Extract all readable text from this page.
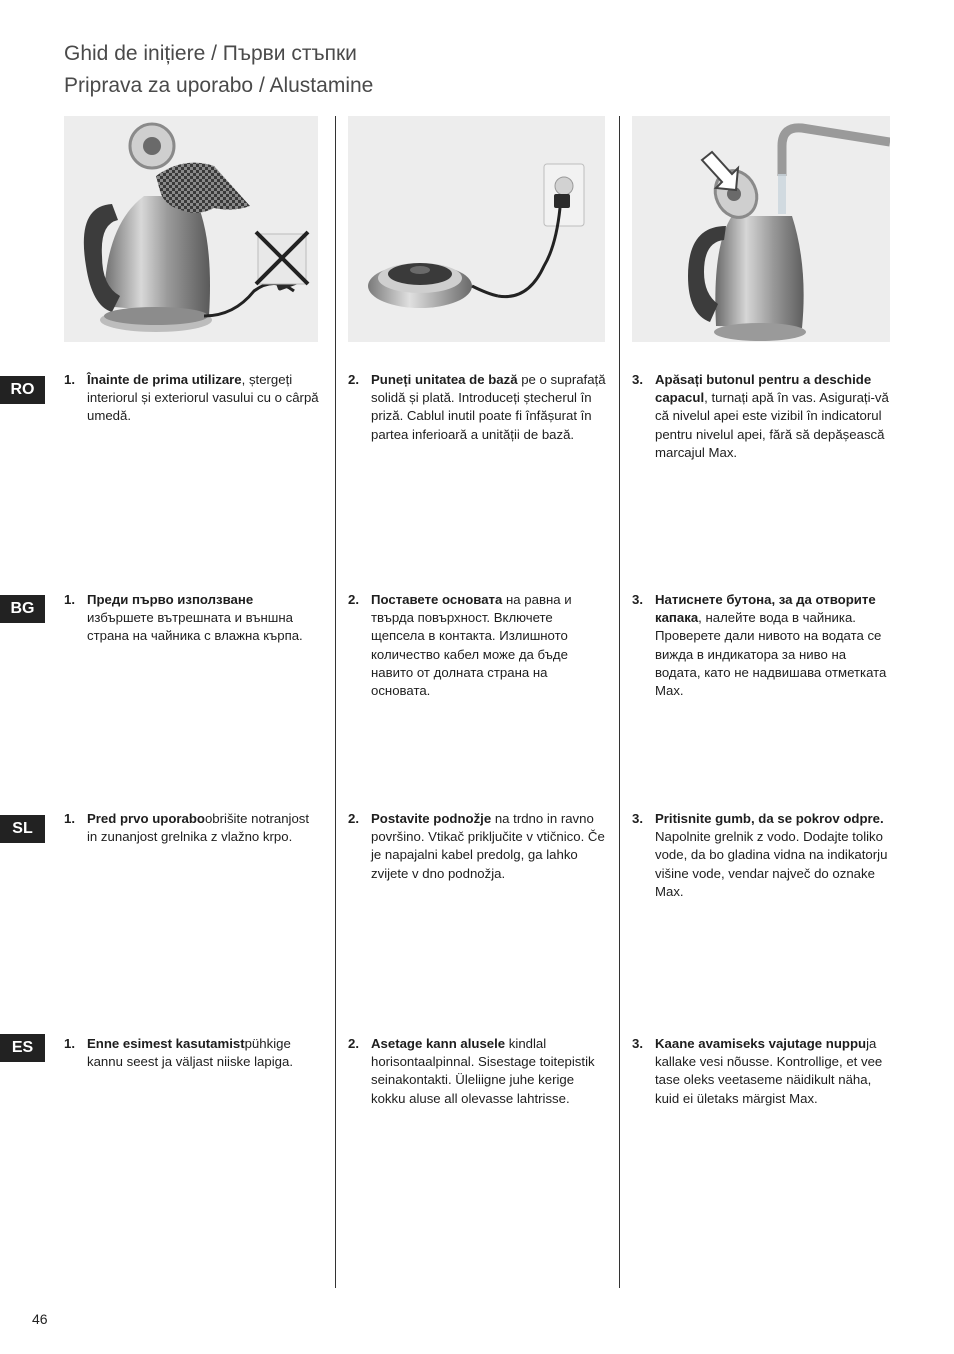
Ghid de inițiere / Първи стъпки
Priprava za uporabo / Alustamine
RO
BG
SL
ES
1. Înainte de prima utilizare, ștergeți interiorul și exteriorul vasului cu o cârpă umedă.
2. Puneți unitatea de bază pe o suprafață solidă și plată. Introduceți ștecherul în priză. Cablul inutil poate fi înfășurat în partea inferioară a unității de bază.
3. Apăsați butonul pentru a deschide capacul, turnați apă în vas. Asigurați-vă că nivelul apei este vizibil în indicatorul pentru nivelul apei, fără să depășească marcajul Max.
1. Преди първо използване избършете вътрешната и външна страна на чайника с влажна кърпа.
2. Поставете основата на равна и твърда повърхност. Включете щепсела в контакта. Излишното количество кабел може да бъде навито от долната страна на основата.
3. Натиснете бутона, за да отворите капака, налейте вода в чайника. Проверете дали нивото на водата се вижда в индикатора за ниво на водата, като не надвишава отметката Max.
1. Pred prvo uporaboobrišite notranjost in zunanjost grelnika z vlažno krpo.
2. Postavite podnožje na trdno in ravno površino. Vtikač priključite v vtičnico. Če je napajalni kabel predolg, ga lahko zvijete v dno podnožja.
3. Pritisnite gumb, da se pokrov odpre. Napolnite grelnik z vodo. Dodajte toliko vode, da bo gladina vidna na indikatorju višine vode, vendar največ do oznake Max.
1. Enne esimest kasutamistpühkige kannu seest ja väljast niiske lapiga.
2. Asetage kann alusele kindlal horisontaalpinnal. Sisestage toitepistik seinakontakti. Üleliigne juhe kerige kokku aluse all olevasse lahtrisse.
3. Kaane avamiseks vajutage nuppuja kallake vesi nõusse. Kontrollige, et vee tase oleks veetaseme näidikult näha, kuid ei ületaks märgist Max.
46
